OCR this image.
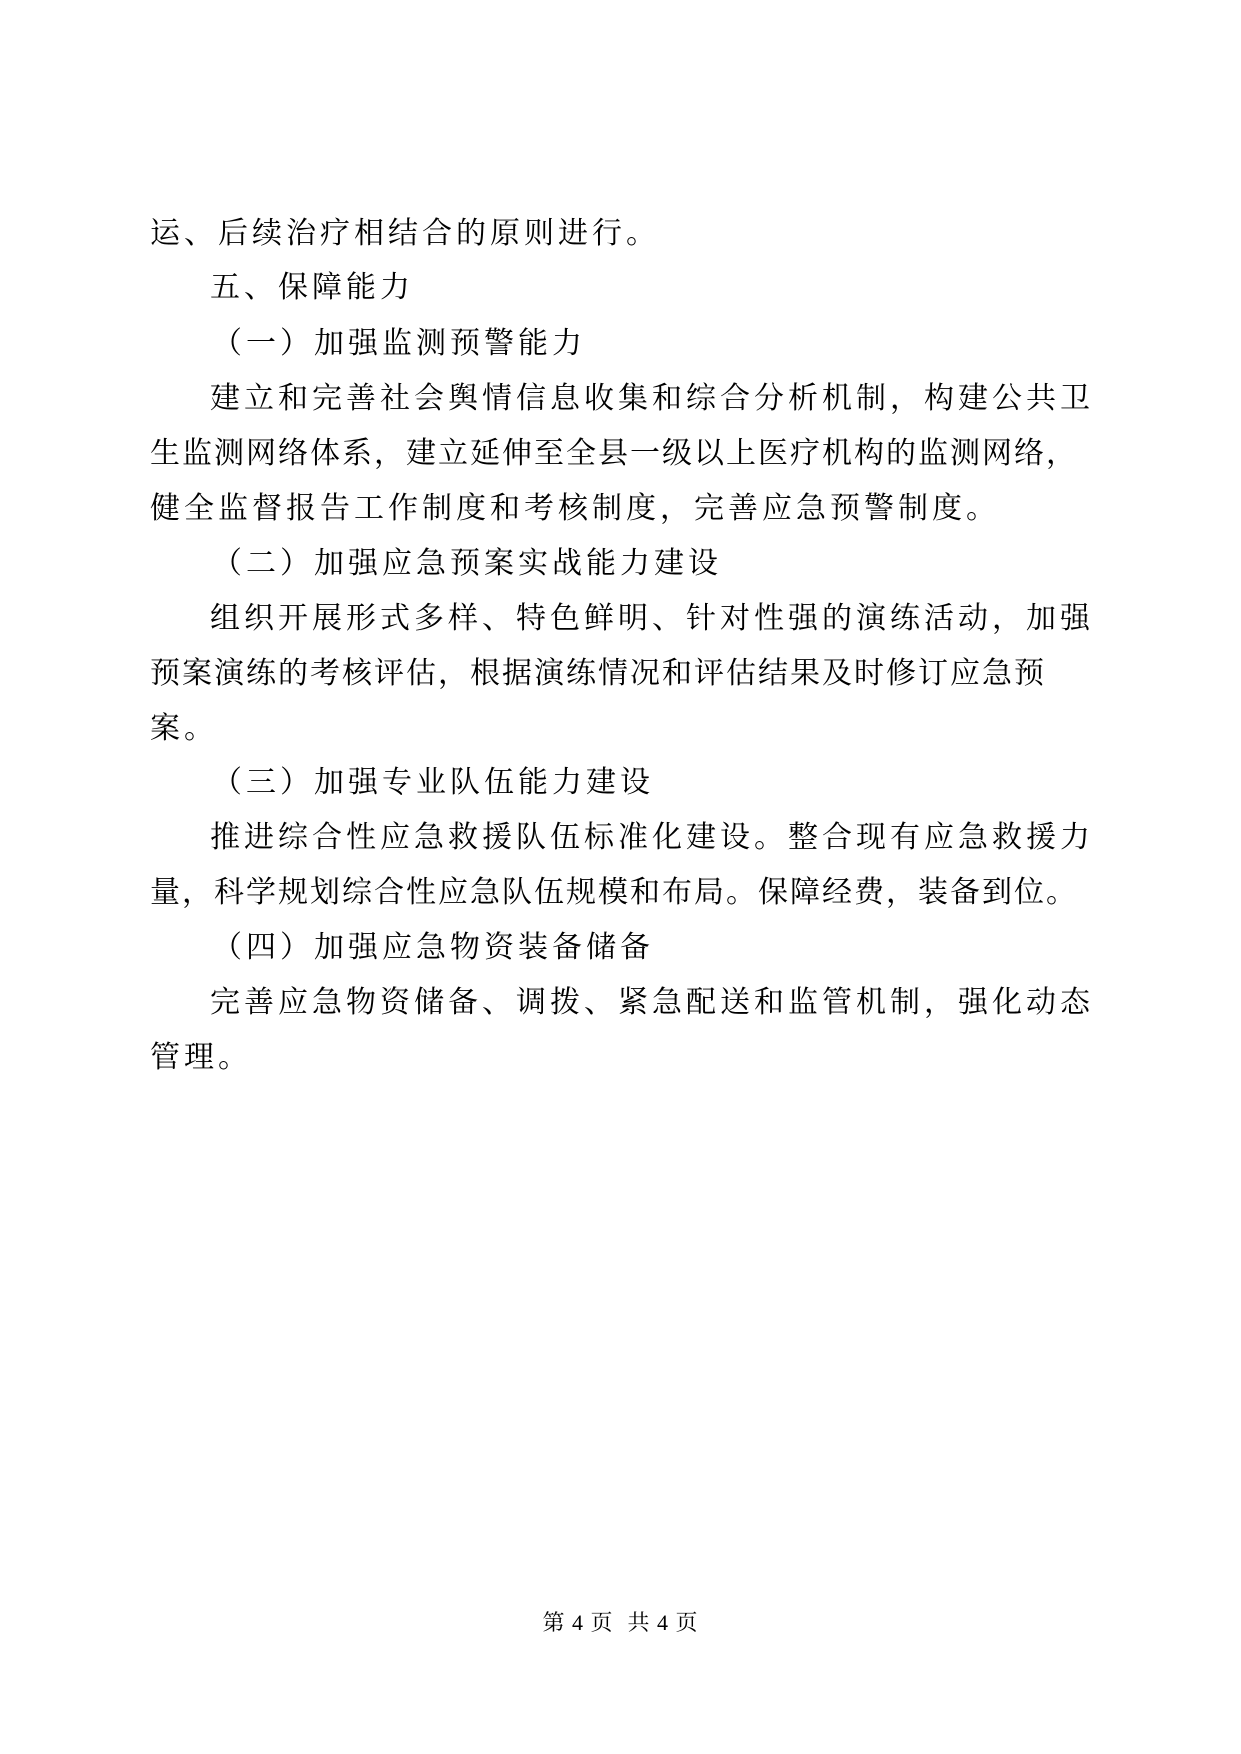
运、后续治疗相结合的原则进行。
五、保障能力
（一）加强监测预警能力
建立和完善社会舆情信息收集和综合分析机制，构建公共卫
生监测网络体系，建立延伸至全县一级以上医疗机构的监测网络，
健全监督报告工作制度和考核制度，完善应急预警制度。
（二）加强应急预案实战能力建设
组织开展形式多样、特色鲜明、针对性强的演练活动，加强
预案演练的考核评估，根据演练情况和评估结果及时修订应急预
案。
（三）加强专业队伍能力建设
推进综合性应急救援队伍标准化建设。整合现有应急救援力
量，科学规划综合性应急队伍规模和布局。保障经费，装备到位。
（四）加强应急物资装备储备
完善应急物资储备、调拨、紧急配送和监管机制，强化动态
管理。
第 4 页 共 4 页
